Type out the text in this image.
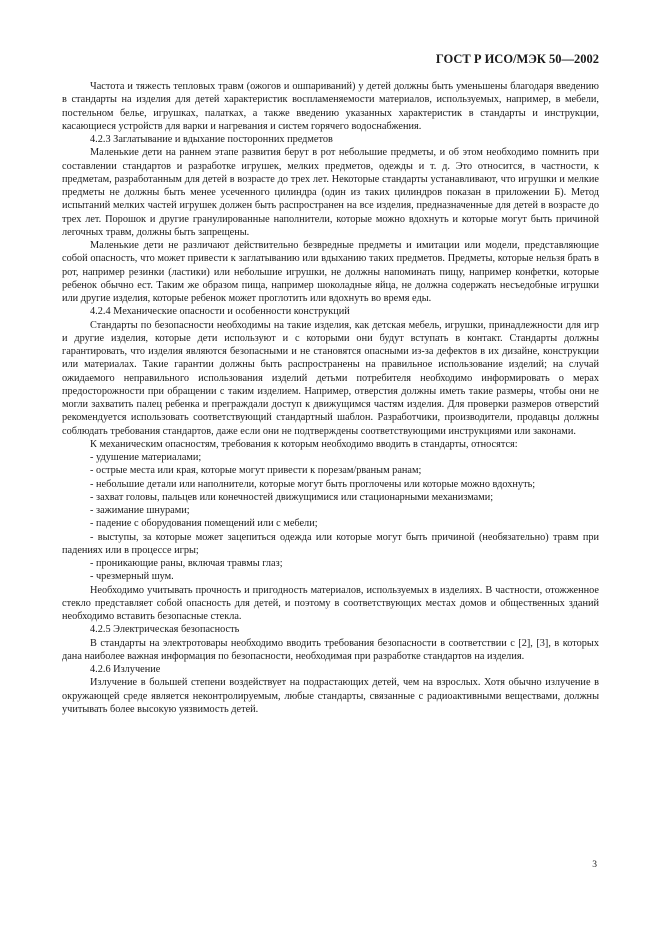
ГОСТ Р ИСО/МЭК 50—2002

Частота и тяжесть тепловых травм (ожогов и ошпариваний) у детей должны быть уменьшены благодаря введению в стандарты на изделия для детей характеристик воспламеняемости материалов, используемых, например, в мебели, постельном белье, игрушках, палатках, а также введению указанных характеристик в стандарты и инструкции, касающиеся устройств для варки и нагревания и систем горячего водоснабжения.

4.2.3 Заглатывание и вдыхание посторонних предметов

Маленькие дети на раннем этапе развития берут в рот небольшие предметы, и об этом необходимо помнить при составлении стандартов и разработке игрушек, мелких предметов, одежды и т. д. Это относится, в частности, к предметам, разработанным для детей в возрасте до трех лет. Некоторые стандарты устанавливают, что игрушки и мелкие предметы не должны быть менее усеченного цилиндра (один из таких цилиндров показан в приложении Б). Метод испытаний мелких частей игрушек должен быть распространен на все изделия, предназначенные для детей в возрасте до трех лет. Порошок и другие гранулированные наполнители, которые можно вдохнуть и которые могут быть причиной легочных травм, должны быть запрещены.

Маленькие дети не различают действительно безвредные предметы и имитации или модели, представляющие собой опасность, что может привести к заглатыванию или вдыханию таких предметов. Предметы, которые нельзя брать в рот, например резинки (ластики) или небольшие игрушки, не должны напоминать пищу, например конфетки, которые ребенок обычно ест. Таким же образом пища, например шоколадные яйца, не должна содержать несъедобные игрушки или другие изделия, которые ребенок может проглотить или вдохнуть во время еды.

4.2.4 Механические опасности и особенности конструкций

Стандарты по безопасности необходимы на такие изделия, как детская мебель, игрушки, принадлежности для игр и другие изделия, которые дети используют и с которыми они будут вступать в контакт. Стандарты должны гарантировать, что изделия являются безопасными и не становятся опасными из-за дефектов в их дизайне, конструкции или материалах. Такие гарантии должны быть распространены на правильное использование изделий; на случай ожидаемого неправильного использования изделий детьми потребителя необходимо информировать о мерах предосторожности при обращении с таким изделием. Например, отверстия должны иметь такие размеры, чтобы они не могли захватить палец ребенка и преграждали доступ к движущимся частям изделия. Для проверки размеров отверстий рекомендуется использовать соответствующий стандартный шаблон. Разработчики, производители, продавцы должны соблюдать требования стандартов, даже если они не подтверждены соответствующими инструкциями или законами.

К механическим опасностям, требования к которым необходимо вводить в стандарты, относятся:

- удушение материалами;

- острые места или края, которые могут привести к порезам/рваным ранам;

- небольшие детали или наполнители, которые могут быть проглочены или которые можно вдохнуть;

- захват головы, пальцев или конечностей движущимися или стационарными механизмами;

- зажимание шнурами;

- падение с оборудования помещений или с мебели;

- выступы, за которые может зацепиться одежда или которые могут быть причиной (необязательно) травм при падениях или в процессе игры;

- проникающие раны, включая травмы глаз;

- чрезмерный шум.

Необходимо учитывать прочность и пригодность материалов, используемых в изделиях. В частности, отожженное стекло представляет собой опасность для детей, и поэтому в соответствующих местах домов и общественных зданий необходимо вставить безопасные стекла.

4.2.5 Электрическая безопасность

В стандарты на электротовары необходимо вводить требования безопасности в соответствии с [2], [3], в которых дана наиболее важная информация по безопасности, необходимая при разработке стандартов на изделия.

4.2.6 Излучение

Излучение в большей степени воздействует на подрастающих детей, чем на взрослых. Хотя обычно излучение в окружающей среде является неконтролируемым, любые стандарты, связанные с радиоактивными веществами, должны учитывать более высокую уязвимость детей.

3
